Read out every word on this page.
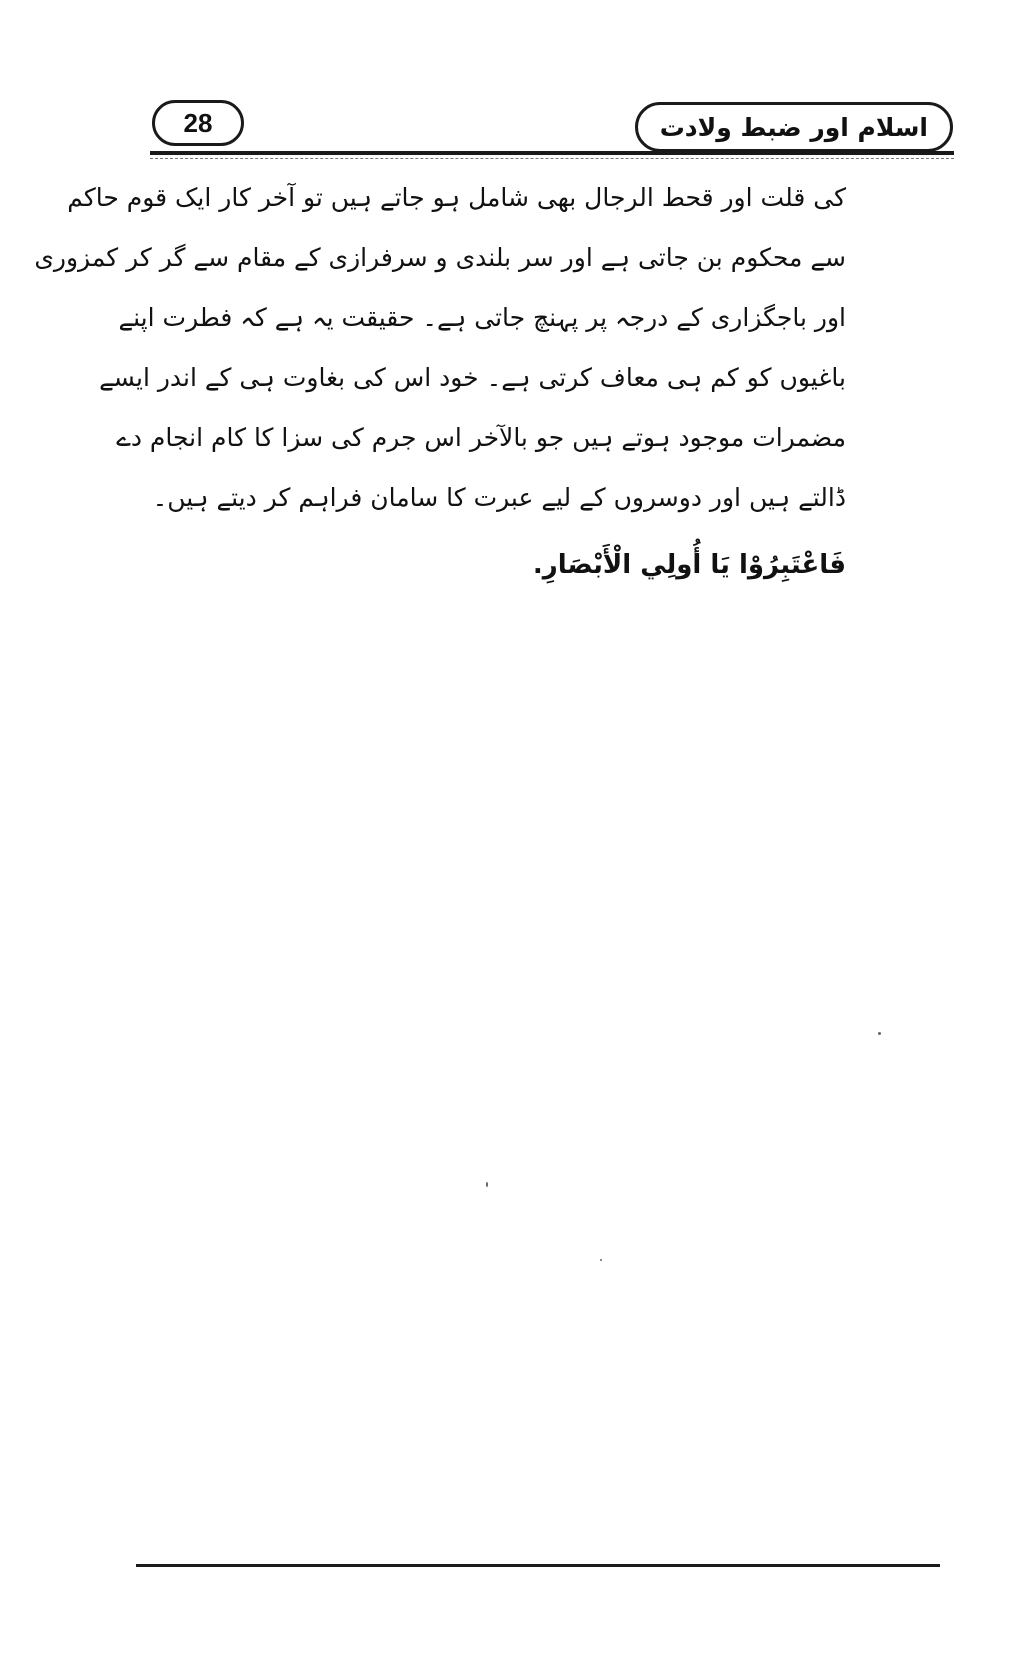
28	اسلام اور ضبط ولادت
کی قلت اور قحط الرجال بھی شامل ہو جاتے ہیں تو آخر کار ایک قوم حاکم
سے محکوم بن جاتی ہے اور سر بلندی و سرفرازی کے مقام سے گر کر کمزوری
اور باجگزاری کے درجہ پر پہنچ جاتی ہے۔ حقیقت یہ ہے کہ فطرت اپنے
باغیوں کو کم ہی معاف کرتی ہے۔ خود اس کی بغاوت ہی کے اندر ایسے
مضمرات موجود ہوتے ہیں جو بالآخر اس جرم کی سزا کا کام انجام دے
ڈالتے ہیں اور دوسروں کے لیے عبرت کا سامان فراہم کر دیتے ہیں۔
فَاعْتَبِرُوْا يَا أُولِي الْأَبْصَارِ.
